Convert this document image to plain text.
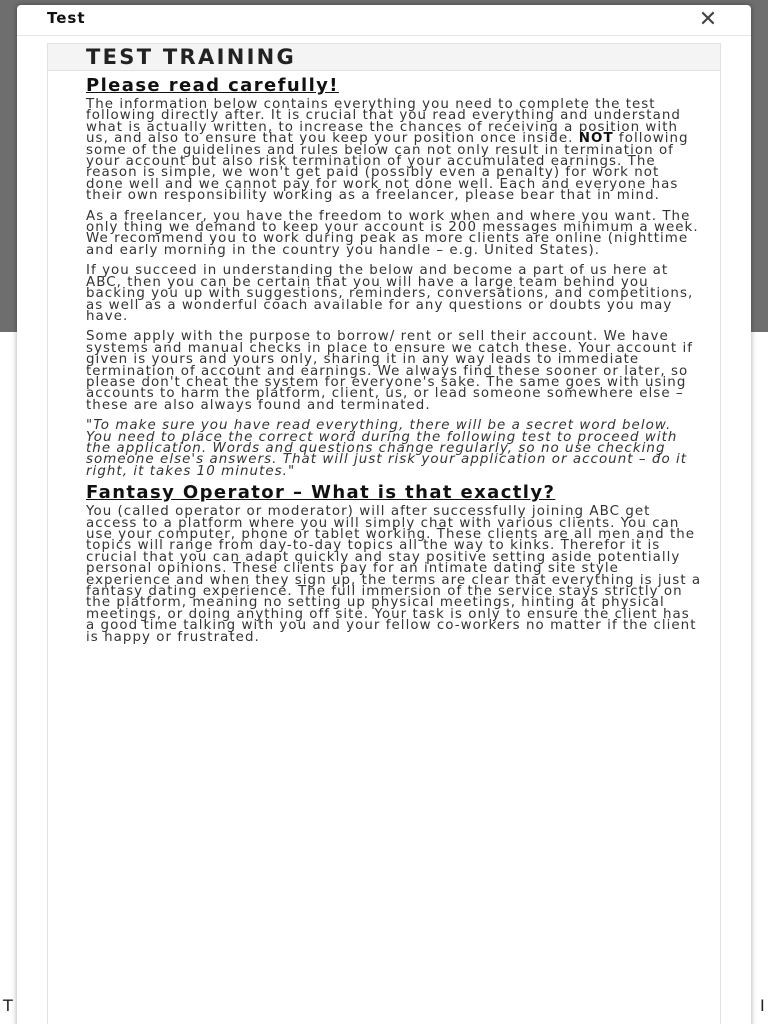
T	I
Test	✕
TEST TRAINING
Please read carefully!

The information below contains everything you need to complete the test following directly after. It is crucial that you read everything and understand what is actually written, to increase the chances of receiving a position with us, and also to ensure that you keep your position once inside. NOT following some of the guidelines and rules below can not only result in termination of your account but also risk termination of your accumulated earnings. The reason is simple, we won't get paid (possibly even a penalty) for work not done well and we cannot pay for work not done well. Each and everyone has their own responsibility working as a freelancer, please bear that in mind.

As a freelancer, you have the freedom to work when and where you want. The only thing we demand to keep your account is 200 messages minimum a week. We recommend you to work during peak as more clients are online (nighttime and early morning in the country you handle – e.g. United States).

If you succeed in understanding the below and become a part of us here at ABC, then you can be certain that you will have a large team behind you backing you up with suggestions, reminders, conversations, and competitions, as well as a wonderful coach available for any questions or doubts you may have.

Some apply with the purpose to borrow/ rent or sell their account. We have systems and manual checks in place to ensure we catch these. Your account if given is yours and yours only, sharing it in any way leads to immediate termination of account and earnings. We always find these sooner or later, so please don't cheat the system for everyone's sake. The same goes with using accounts to harm the platform, client, us, or lead someone somewhere else – these are also always found and terminated.

"To make sure you have read everything, there will be a secret word below. You need to place the correct word during the following test to proceed with the application. Words and questions change regularly, so no use checking someone else's answers. That will just risk your application or account – do it right, it takes 10 minutes."

Fantasy Operator – What is that exactly?

You (called operator or moderator) will after successfully joining ABC get access to a platform where you will simply chat with various clients. You can use your computer, phone or tablet working. These clients are all men and the topics will range from day-to-day topics all the way to kinks. Therefor it is crucial that you can adapt quickly and stay positive setting aside potentially personal opinions. These clients pay for an intimate dating site style experience and when they sign up, the terms are clear that everything is just a fantasy dating experience. The full immersion of the service stays strictly on the platform, meaning no setting up physical meetings, hinting at physical meetings, or doing anything off site. Your task is only to ensure the client has a good time talking with you and your fellow co-workers no matter if the client is happy or frustrated.
